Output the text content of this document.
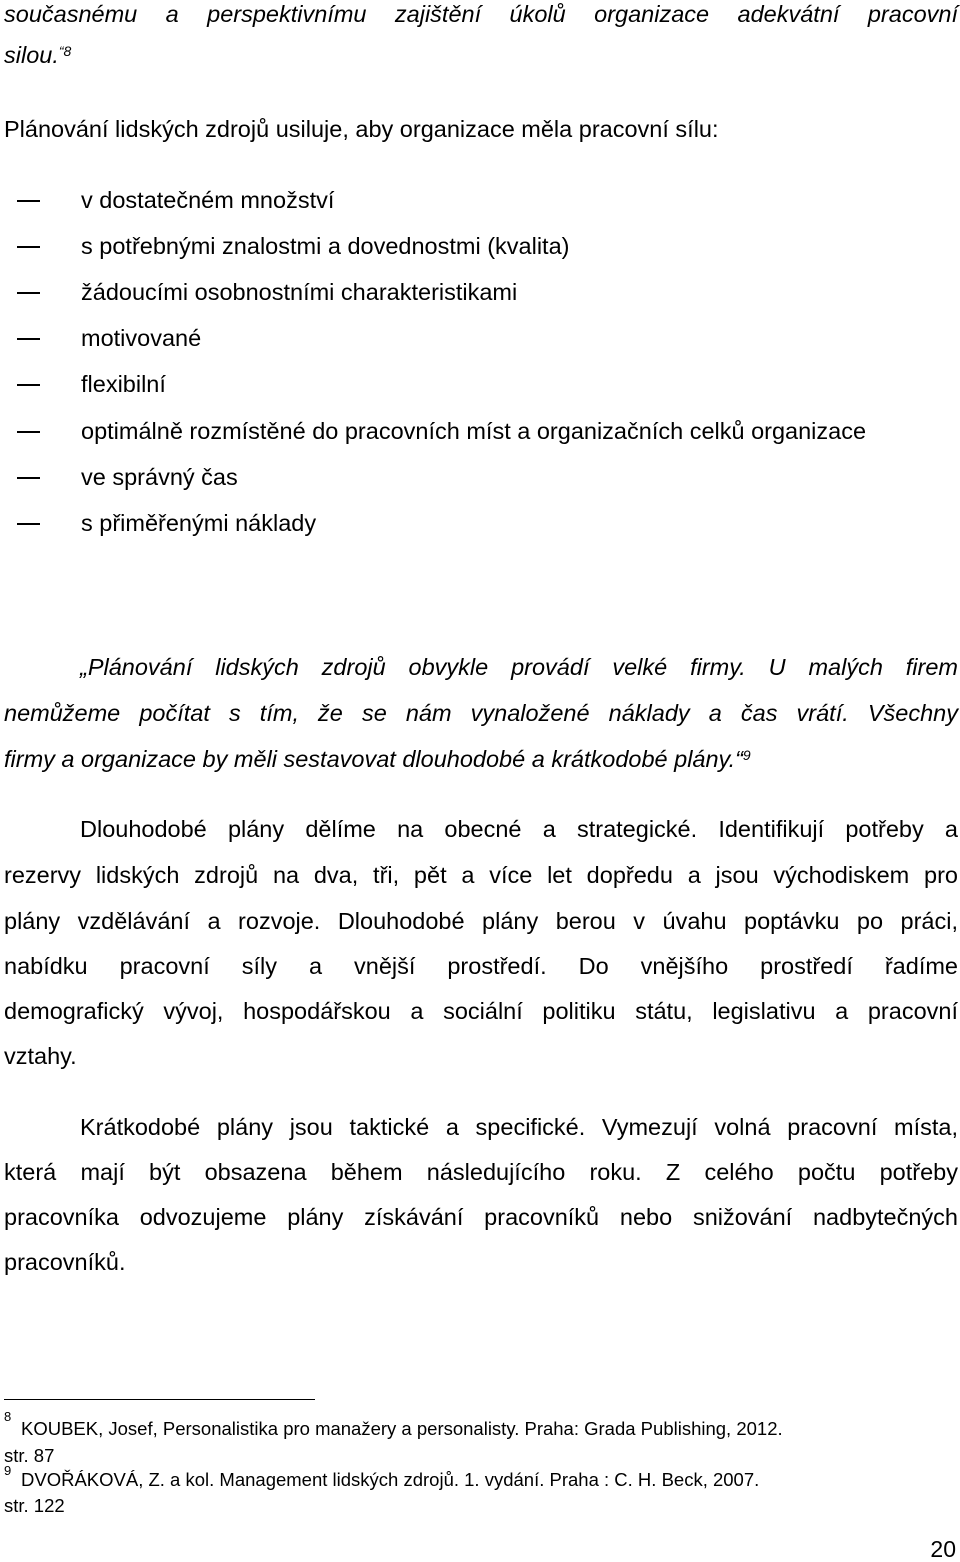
současnému a perspektivnímu zajištění úkolů organizace adekvátní pracovní
silou.$^{“8}$
Plánování lidských zdrojů usiluje, aby organizace měla pracovní sílu:
v dostatečném množství
s potřebnými znalostmi a dovednostmi (kvalita)
žádoucími osobnostními charakteristikami
motivované
flexibilní
optimálně rozmístěné do pracovních míst a organizačních celků organizace
ve správný čas
s přiměřenými náklady
„Plánování lidských zdrojů obvykle provádí velké firmy. U malých firem
nemůžeme počítat s tím, že se nám vynaložené náklady a čas vrátí. Všechny
firmy a organizace by měli sestavovat dlouhodobé a krátkodobé plány.“$^9$
Dlouhodobé plány dělíme na obecné a strategické. Identifikují potřeby a
rezervy lidských zdrojů na dva, tři, pět a více let dopředu a jsou východiskem pro
plány vzdělávání a rozvoje. Dlouhodobé plány berou v úvahu poptávku po práci,
nabídku pracovní síly a vnější prostředí. Do vnějšího prostředí řadíme
demografický vývoj, hospodářskou a sociální politiku státu, legislativu a pracovní
vztahy.
Krátkodobé plány jsou taktické a specifické. Vymezují volná pracovní místa,
která mají být obsazena během následujícího roku. Z celého počtu potřeby
pracovníka odvozujeme plány získávání pracovníků nebo snižování nadbytečných
pracovníků.
8
KOUBEK, Josef, Personalistika pro manažery a personalisty. Praha: Grada Publishing, 2012.
str. 87
9 DVOŘÁKOVÁ, Z. a kol. Management lidských zdrojů. 1. vydání. Praha : C. H. Beck, 2007.
str. 122
20
